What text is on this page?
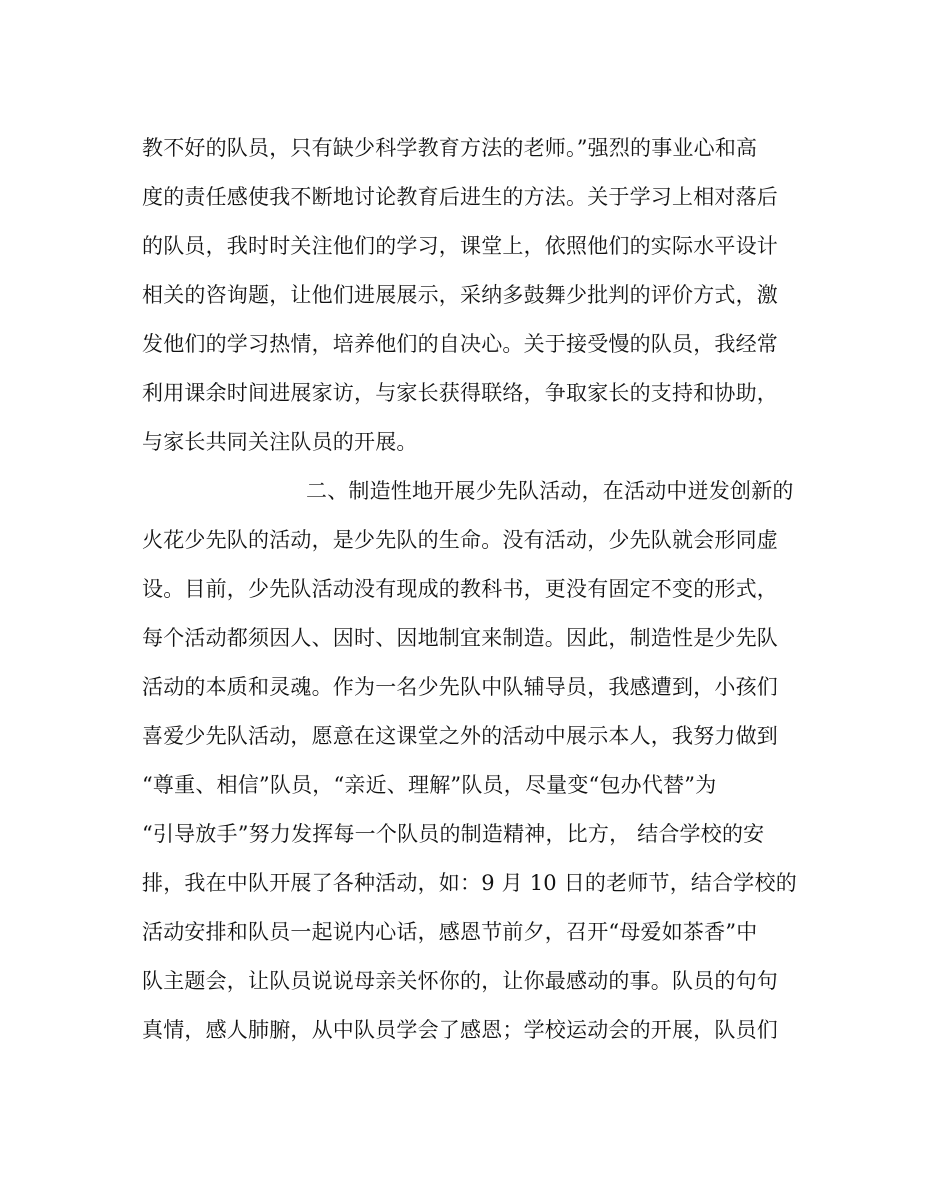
教不好的队员，只有缺少科学教育方法的老师。”强烈的事业心和高
度的责任感使我不断地讨论教育后进生的方法。关于学习上相对落后
的队员，我时时关注他们的学习，课堂上，依照他们的实际水平设计
相关的咨询题，让他们进展展示，采纳多鼓舞少批判的评价方式，激
发他们的学习热情，培养他们的自决心。关于接受慢的队员，我经常
利用课余时间进展家访，与家长获得联络，争取家长的支持和协助，
与家长共同关注队员的开展。
二、制造性地开展少先队活动，在活动中迸发创新的
火花少先队的活动，是少先队的生命。没有活动，少先队就会形同虚
设。目前，少先队活动没有现成的教科书，更没有固定不变的形式，
每个活动都须因人、因时、因地制宜来制造。因此，制造性是少先队
活动的本质和灵魂。作为一名少先队中队辅导员，我感遭到，小孩们
喜爱少先队活动，愿意在这课堂之外的活动中展示本人，我努力做到
“尊重、相信”队员，“亲近、理解”队员，尽量变“包办代替”为
“引导放手”努力发挥每一个队员的制造精神，比方， 结合学校的安
排，我在中队开展了各种活动，如：9 月 10 日的老师节，结合学校的
活动安排和队员一起说内心话，感恩节前夕，召开“母爱如茶香”中
队主题会，让队员说说母亲关怀你的，让你最感动的事。队员的句句
真情，感人肺腑，从中队员学会了感恩；学校运动会的开展，队员们
